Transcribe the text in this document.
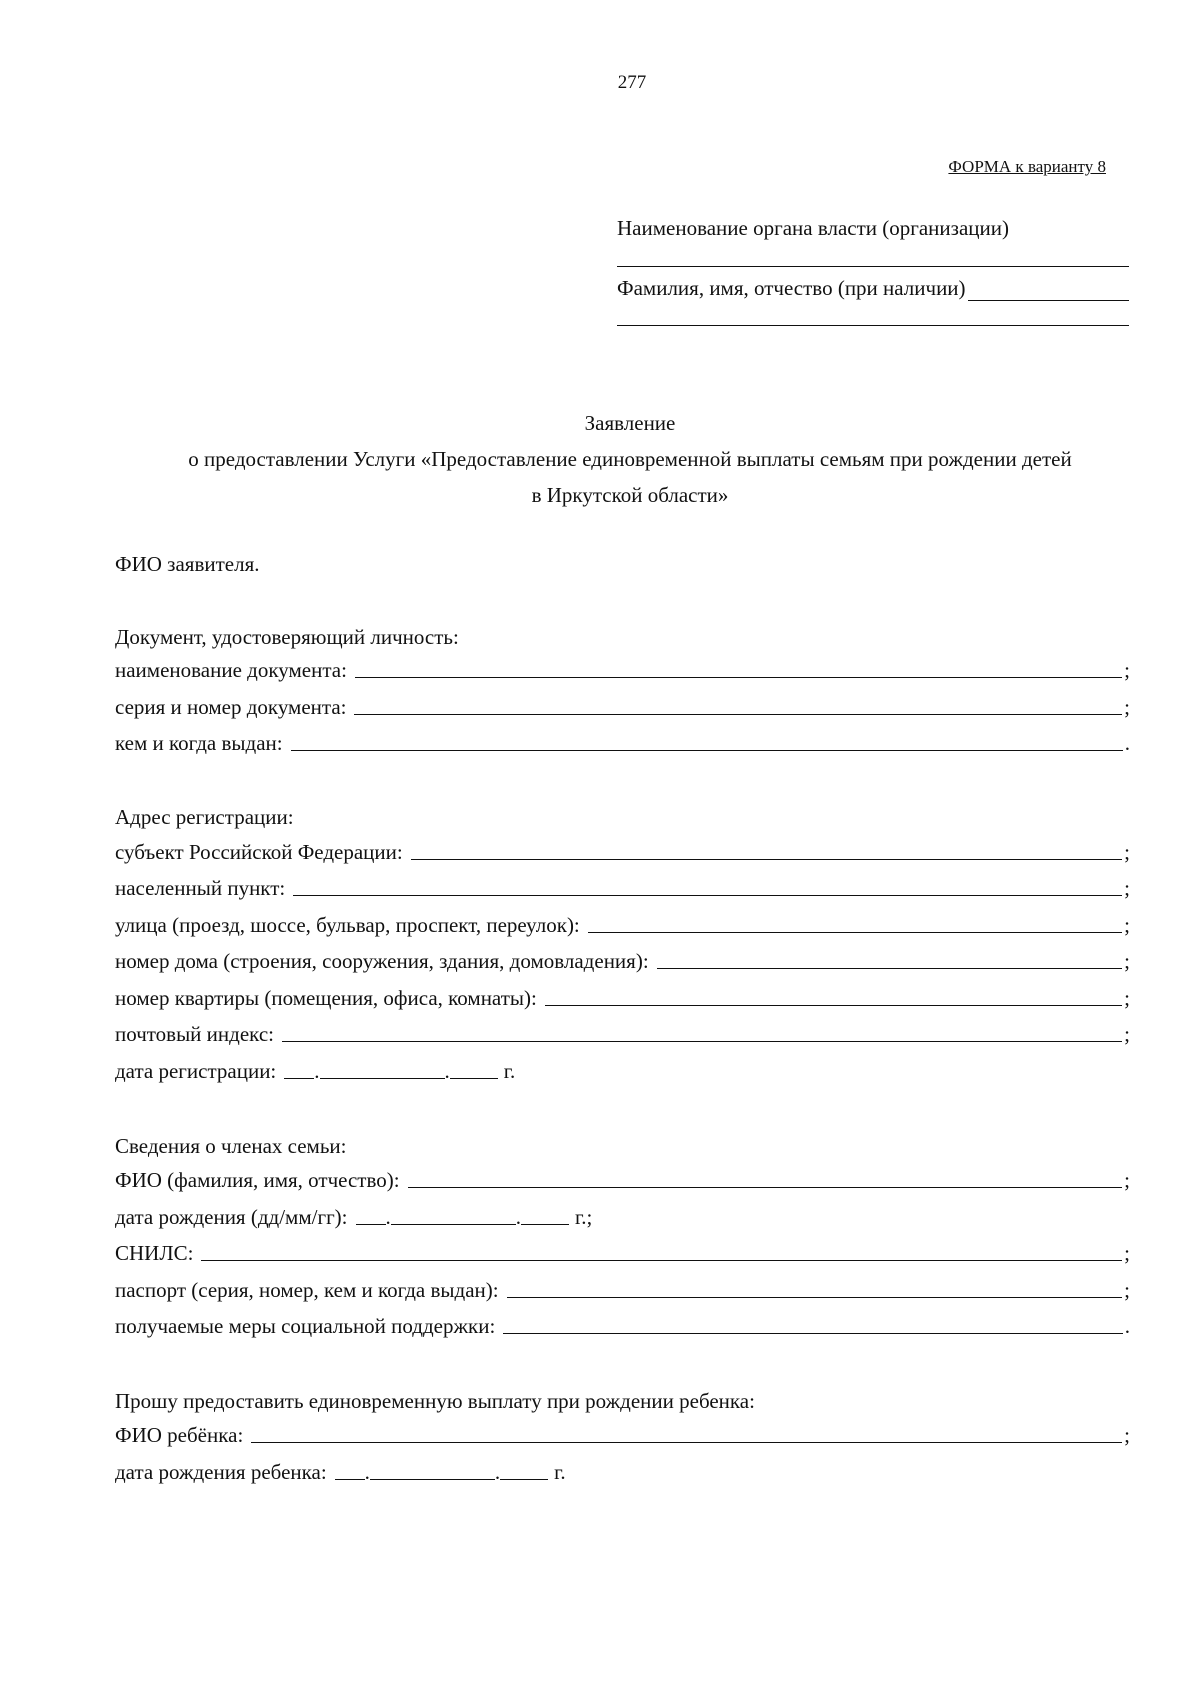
277
ФОРМА к варианту 8
Наименование органа власти (организации)
Фамилия, имя, отчество (при наличии)
Заявление
о предоставлении Услуги «Предоставление единовременной выплаты семьям при рождении детей
в Иркутской области»
ФИО заявителя.
Документ, удостоверяющий личность:
наименование документа:	;
серия и номер документа:	;
кем и когда выдан:	.
Адрес регистрации:
субъект Российской Федерации:	;
населенный пункт:	;
улица (проезд, шоссе, бульвар, проспект, переулок):	;
номер дома (строения, сооружения, здания, домовладения):	;
номер квартиры (помещения, офиса, комнаты):	;
почтовый индекс:	;
дата регистрации: .	.	г.
Сведения о членах семьи:
ФИО (фамилия, имя, отчество):	;
дата рождения (дд/мм/гг): .	.	г.;
СНИЛС:	;
паспорт (серия, номер, кем и когда выдан):	;
получаемые меры социальной поддержки:	.
Прошу предоставить единовременную выплату при рождении ребенка:
ФИО ребёнка:	;
дата рождения ребенка: .	.	г.
